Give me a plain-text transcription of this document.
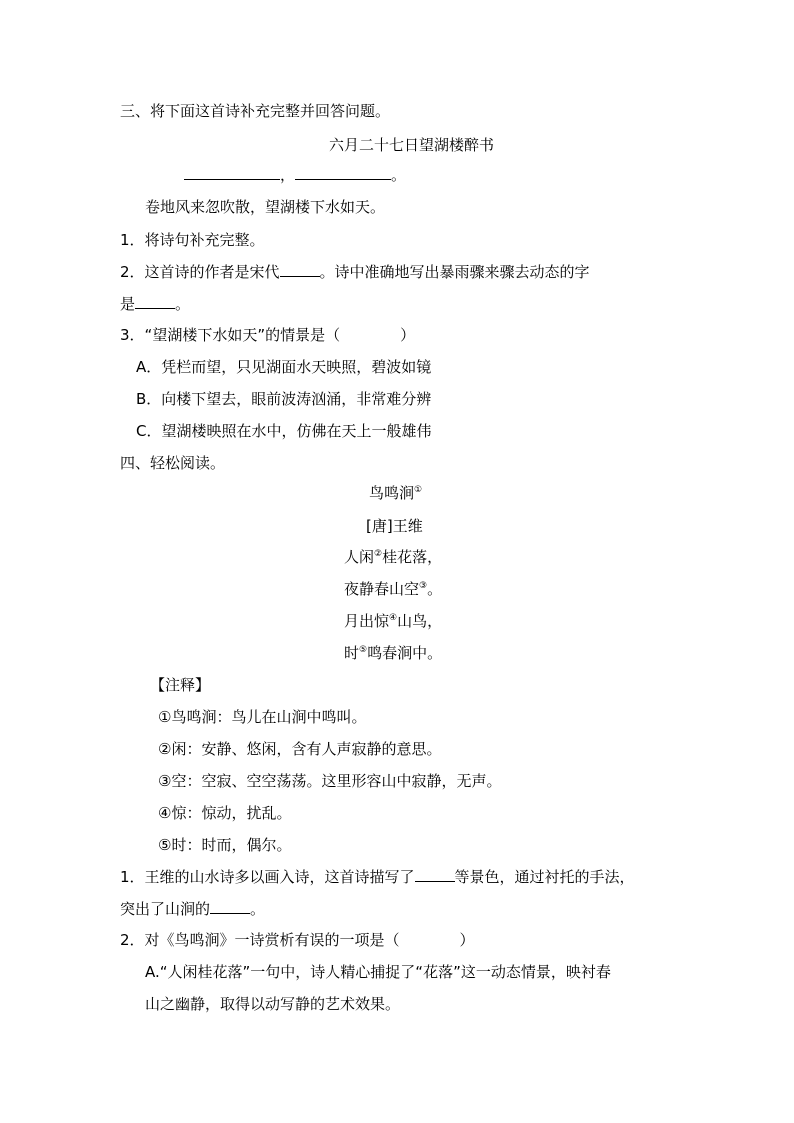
三、将下面这首诗补充完整并回答问题。
六月二十七日望湖楼醉书
，	。
卷地风来忽吹散，望湖楼下水如天。
1．将诗句补充完整。
2．这首诗的作者是宋代	。诗中准确地写出暴雨骤来骤去动态的字
是	。
3．“望湖楼下水如天”的情景是（	）
A．凭栏而望，只见湖面水天映照，碧波如镜
B．向楼下望去，眼前波涛汹涌，非常难分辨
C．望湖楼映照在水中，仿佛在天上一般雄伟
四、轻松阅读。
鸟鸣涧①
[唐]王维
人闲②桂花落，
夜静春山空③。
月出惊④山鸟，
时⑤鸣春涧中。
【注释】
①鸟鸣涧：鸟儿在山涧中鸣叫。
②闲：安静、悠闲，含有人声寂静的意思。
③空：空寂、空空荡荡。这里形容山中寂静，无声。
④惊：惊动，扰乱。
⑤时：时而，偶尔。
1．王维的山水诗多以画入诗，这首诗描写了	等景色，通过衬托的手法，
突出了山涧的	。
2．对《鸟鸣涧》一诗赏析有误的一项是（	）
A.“人闲桂花落”一句中，诗人精心捕捉了“花落”这一动态情景，映衬春
山之幽静，取得以动写静的艺术效果。
